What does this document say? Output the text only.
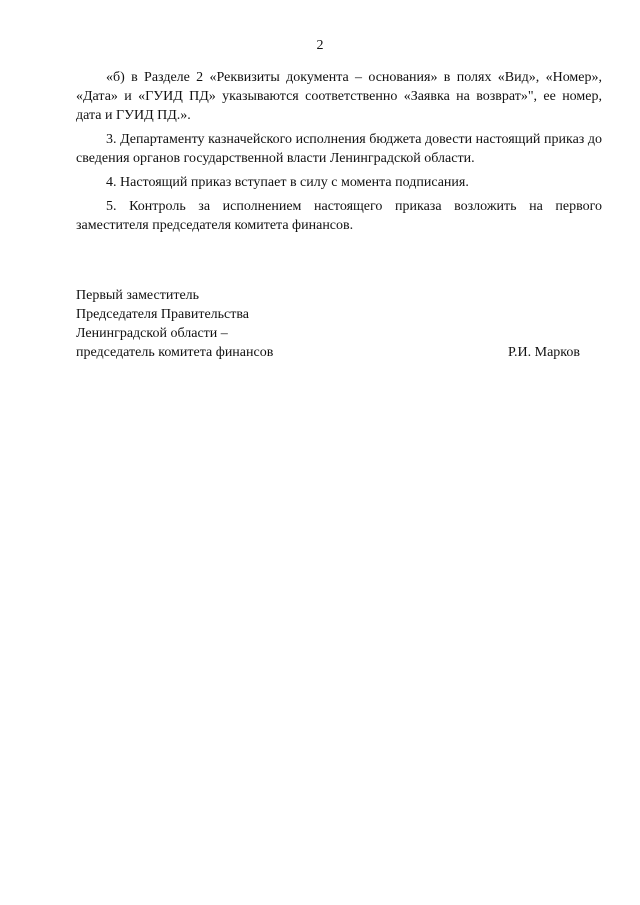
2

«б) в Разделе 2 «Реквизиты документа – основания» в полях «Вид», «Номер», «Дата» и «ГУИД ПД» указываются соответственно «Заявка на возврат»", ее номер, дата и ГУИД ПД.».

3. Департаменту казначейского исполнения бюджета довести настоящий приказ до сведения органов государственной власти Ленинградской области.

4. Настоящий приказ вступает в силу с момента подписания.

5. Контроль за исполнением настоящего приказа возложить на первого заместителя председателя комитета финансов.

Первый заместитель
Председателя Правительства
Ленинградской области –
председатель комитета финансов	Р.И. Марков
